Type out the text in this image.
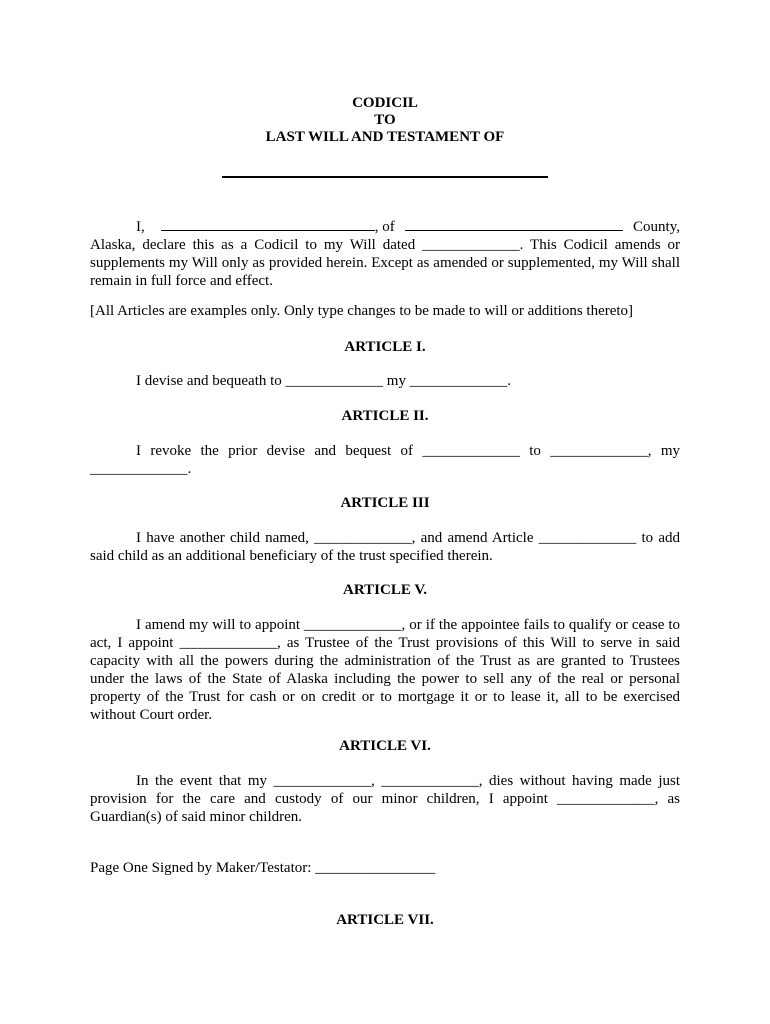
CODICIL
TO
LAST WILL AND TESTAMENT OF
I,	, of	County,
Alaska, declare this as a Codicil to my Will dated _____________. This Codicil amends or supplements my Will only as provided herein. Except as amended or supplemented, my Will shall remain in full force and effect.
[All Articles are examples only. Only type changes to be made to will or additions thereto]
ARTICLE I.
I devise and bequeath to _____________ my _____________.
ARTICLE II.
I revoke the prior devise and bequest of _____________ to _____________, my _____________.
ARTICLE III
I have another child named, _____________, and amend Article _____________ to add said child as an additional beneficiary of the trust specified therein.
ARTICLE V.
I amend my will to appoint _____________, or if the appointee fails to qualify or cease to act, I appoint _____________, as Trustee of the Trust provisions of this Will to serve in said capacity with all the powers during the administration of the Trust as are granted to Trustees under the laws of the State of Alaska including the power to sell any of the real or personal property of the Trust for cash or on credit or to mortgage it or to lease it, all to be exercised without Court order.
ARTICLE VI.
In the event that my _____________, _____________, dies without having made just provision for the care and custody of our minor children, I appoint _____________, as Guardian(s) of said minor children.
Page One Signed by Maker/Testator: ________________
ARTICLE VII.
